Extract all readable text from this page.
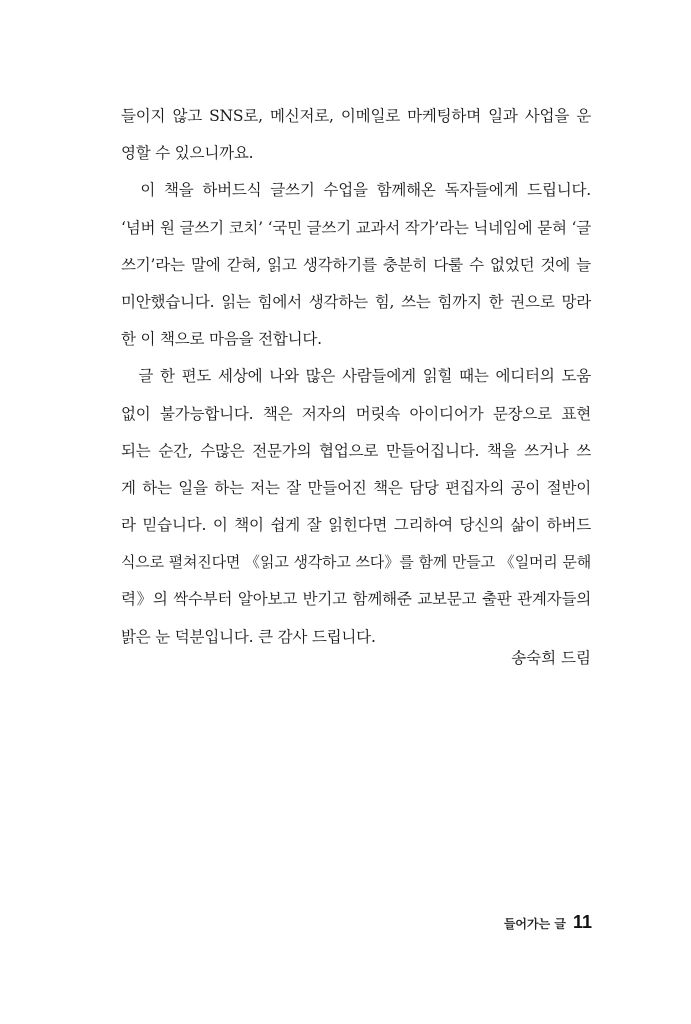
들이지 않고 SNS로, 메신저로, 이메일로 마케팅하며 일과 사업을 운
영할 수 있으니까요.
　이 책을 하버드식 글쓰기 수업을 함께해온 독자들에게 드립니다.
‘넘버 원 글쓰기 코치’ ‘국민 글쓰기 교과서 작가’라는 닉네임에 묻혀 ‘글
쓰기’라는 말에 갇혀, 읽고 생각하기를 충분히 다룰 수 없었던 것에 늘
미안했습니다. 읽는 힘에서 생각하는 힘, 쓰는 힘까지 한 권으로 망라
한 이 책으로 마음을 전합니다.
　글 한 편도 세상에 나와 많은 사람들에게 읽힐 때는 에디터의 도움
없이 불가능합니다. 책은 저자의 머릿속 아이디어가 문장으로 표현
되는 순간, 수많은 전문가의 협업으로 만들어집니다. 책을 쓰거나 쓰
게 하는 일을 하는 저는 잘 만들어진 책은 담당 편집자의 공이 절반이
라 믿습니다. 이 책이 쉽게 잘 읽힌다면 그리하여 당신의 삶이 하버드
식으로 펼쳐진다면 《읽고 생각하고 쓰다》를 함께 만들고 《일머리 문해
력》의 싹수부터 알아보고 반기고 함께해준 교보문고 출판 관계자들의
밝은 눈 덕분입니다. 큰 감사 드립니다.
송숙희 드림
들어가는 글 11
